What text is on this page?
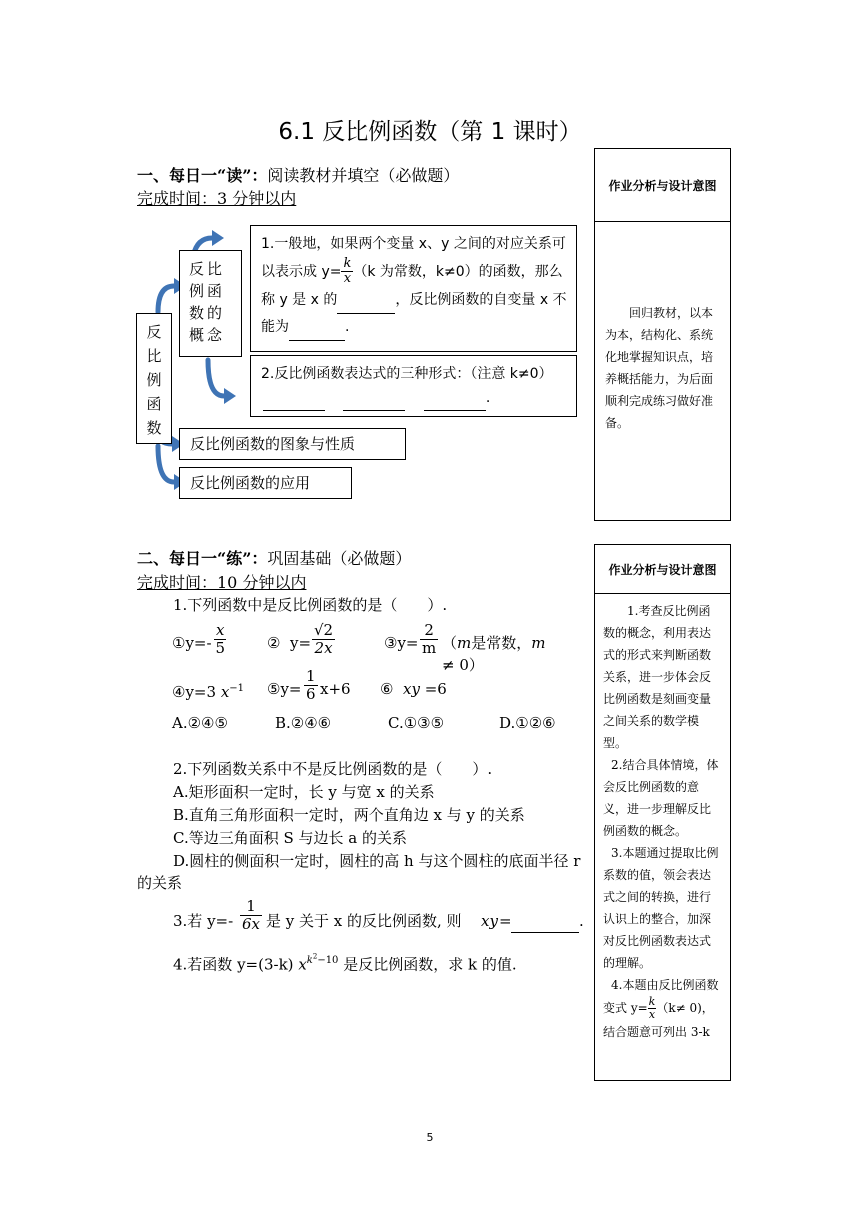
6.1 反比例函数（第 1 课时）
一、每日一“读”：阅读教材并填空（必做题）
完成时间：3 分钟以内
作业分析与设计意图
回归教材，以本为本，结构化、系统化地掌握知识点，培养概括能力，为后面顺利完成练习做好准备。
反比例函数
反比例函数的概念
1.一般地，如果两个变量 x、y 之间的对应关系可以表示成 $y= \frac{k}{x} (k$ 为常数，k≠0）的函数，那么称 y 是 x 的	，反比例函数的自变量 x 不能为	.
2.反比例函数表达式的三种形式：（注意 k≠0）     .
反比例函数的图象与性质
反比例函数的应用
二、每日一“练”：巩固基础（必做题）
完成时间：10 分钟以内
作业分析与设计意图
1.考查反比例函数的概念，利用表达式的形式来判断函数关系，进一步体会反比例函数是刻画变量之间关系的数学模型。
2.结合具体情境，体会反比例函数的意义，进一步理解反比例函数的概念。
3.本题通过提取比例系数的值，领会表达式之间的转换，进行认识上的整合，加深对反比例函数表达式的理解。
4.本题由反比例函数变式 $y= \frac{k}{x} (k\ne 0)$，结合题意可列出 3-k
1.下列函数中是反比例函数的是（　　）.
①y=- $\frac{x}{5}$	②  $y= \frac{√2}{2x}$	③y= $\frac{2}{m} (m$是常数，m ≠ 0）
④y=3 $x^{-1}$ ⑤y= $\frac{1}{6} x+6$ ⑥  xy =6
A.②④⑤	B.②④⑥	C.①③⑤	D.①②⑥
2.下列函数关系中不是反比例函数的是（　　）.
A.矩形面积一定时，长 y 与宽 x 的关系
B.直角三角形面积一定时，两个直角边 x 与 y 的关系
C.等边三角面积 S 与边长 a 的关系
D.圆柱的侧面积一定时，圆柱的高 h 与这个圆柱的底面半径 r 的关系
3.若 $y=- \frac{1}{6x}$ 是 y 关于 x 的反比例函数, 则 xy =
	.
4.若函数 y=(3-k) $x^{k^2-10}$ 是反比例函数，求 k 的值.
5
